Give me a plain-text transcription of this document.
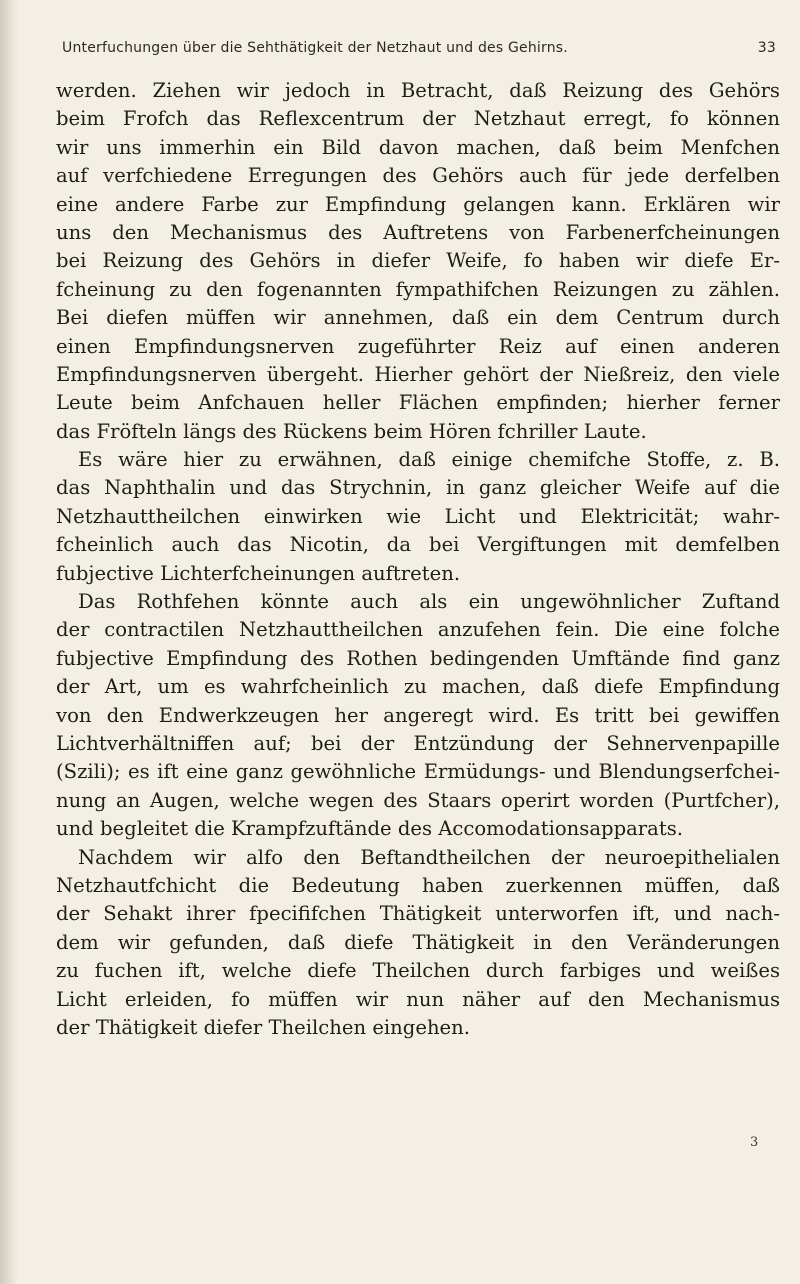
Unterfuchungen über die Sehthätigkeit der Netzhaut und des Gehirns.	33
werden. Ziehen wir jedoch in Betracht, daß Reizung des Gehörs
beim Frofch das Reflexcentrum der Netzhaut erregt, fo können
wir uns immerhin ein Bild davon machen, daß beim Menfchen
auf verfchiedene Erregungen des Gehörs auch für jede derfelben
eine andere Farbe zur Empfindung gelangen kann. Erklären wir
uns den Mechanismus des Auftretens von Farbenerfcheinungen
bei Reizung des Gehörs in diefer Weife, fo haben wir diefe Er-
fcheinung zu den fogenannten fympathifchen Reizungen zu zählen.
Bei diefen müffen wir annehmen, daß ein dem Centrum durch
einen Empfindungsnerven zugeführter Reiz auf einen anderen
Empfindungsnerven übergeht. Hierher gehört der Nießreiz, den viele
Leute beim Anfchauen heller Flächen empfinden; hierher ferner
das Fröfteln längs des Rückens beim Hören fchriller Laute.
Es wäre hier zu erwähnen, daß einige chemifche Stoffe, z. B.
das Naphthalin und das Strychnin, in ganz gleicher Weife auf die
Netzhauttheilchen einwirken wie Licht und Elektricität; wahr-
fcheinlich auch das Nicotin, da bei Vergiftungen mit demfelben
fubjective Lichterfcheinungen auftreten.
Das Rothfehen könnte auch als ein ungewöhnlicher Zuftand
der contractilen Netzhauttheilchen anzufehen fein. Die eine folche
fubjective Empfindung des Rothen bedingenden Umftände find ganz
der Art, um es wahrfcheinlich zu machen, daß diefe Empfindung
von den Endwerkzeugen her angeregt wird. Es tritt bei gewiffen
Lichtverhältniffen auf; bei der Entzündung der Sehnervenpapille
(Szili); es ift eine ganz gewöhnliche Ermüdungs- und Blendungserfchei-
nung an Augen, welche wegen des Staars operirt worden (Purtfcher),
und begleitet die Krampfzuftände des Accomodationsapparats.
Nachdem wir alfo den Beftandtheilchen der neuroepithelialen
Netzhautfchicht die Bedeutung haben zuerkennen müffen, daß
der Sehakt ihrer fpecififchen Thätigkeit unterworfen ift, und nach-
dem wir gefunden, daß diefe Thätigkeit in den Veränderungen
zu fuchen ift, welche diefe Theilchen durch farbiges und weißes
Licht erleiden, fo müffen wir nun näher auf den Mechanismus
der Thätigkeit diefer Theilchen eingehen.
3
